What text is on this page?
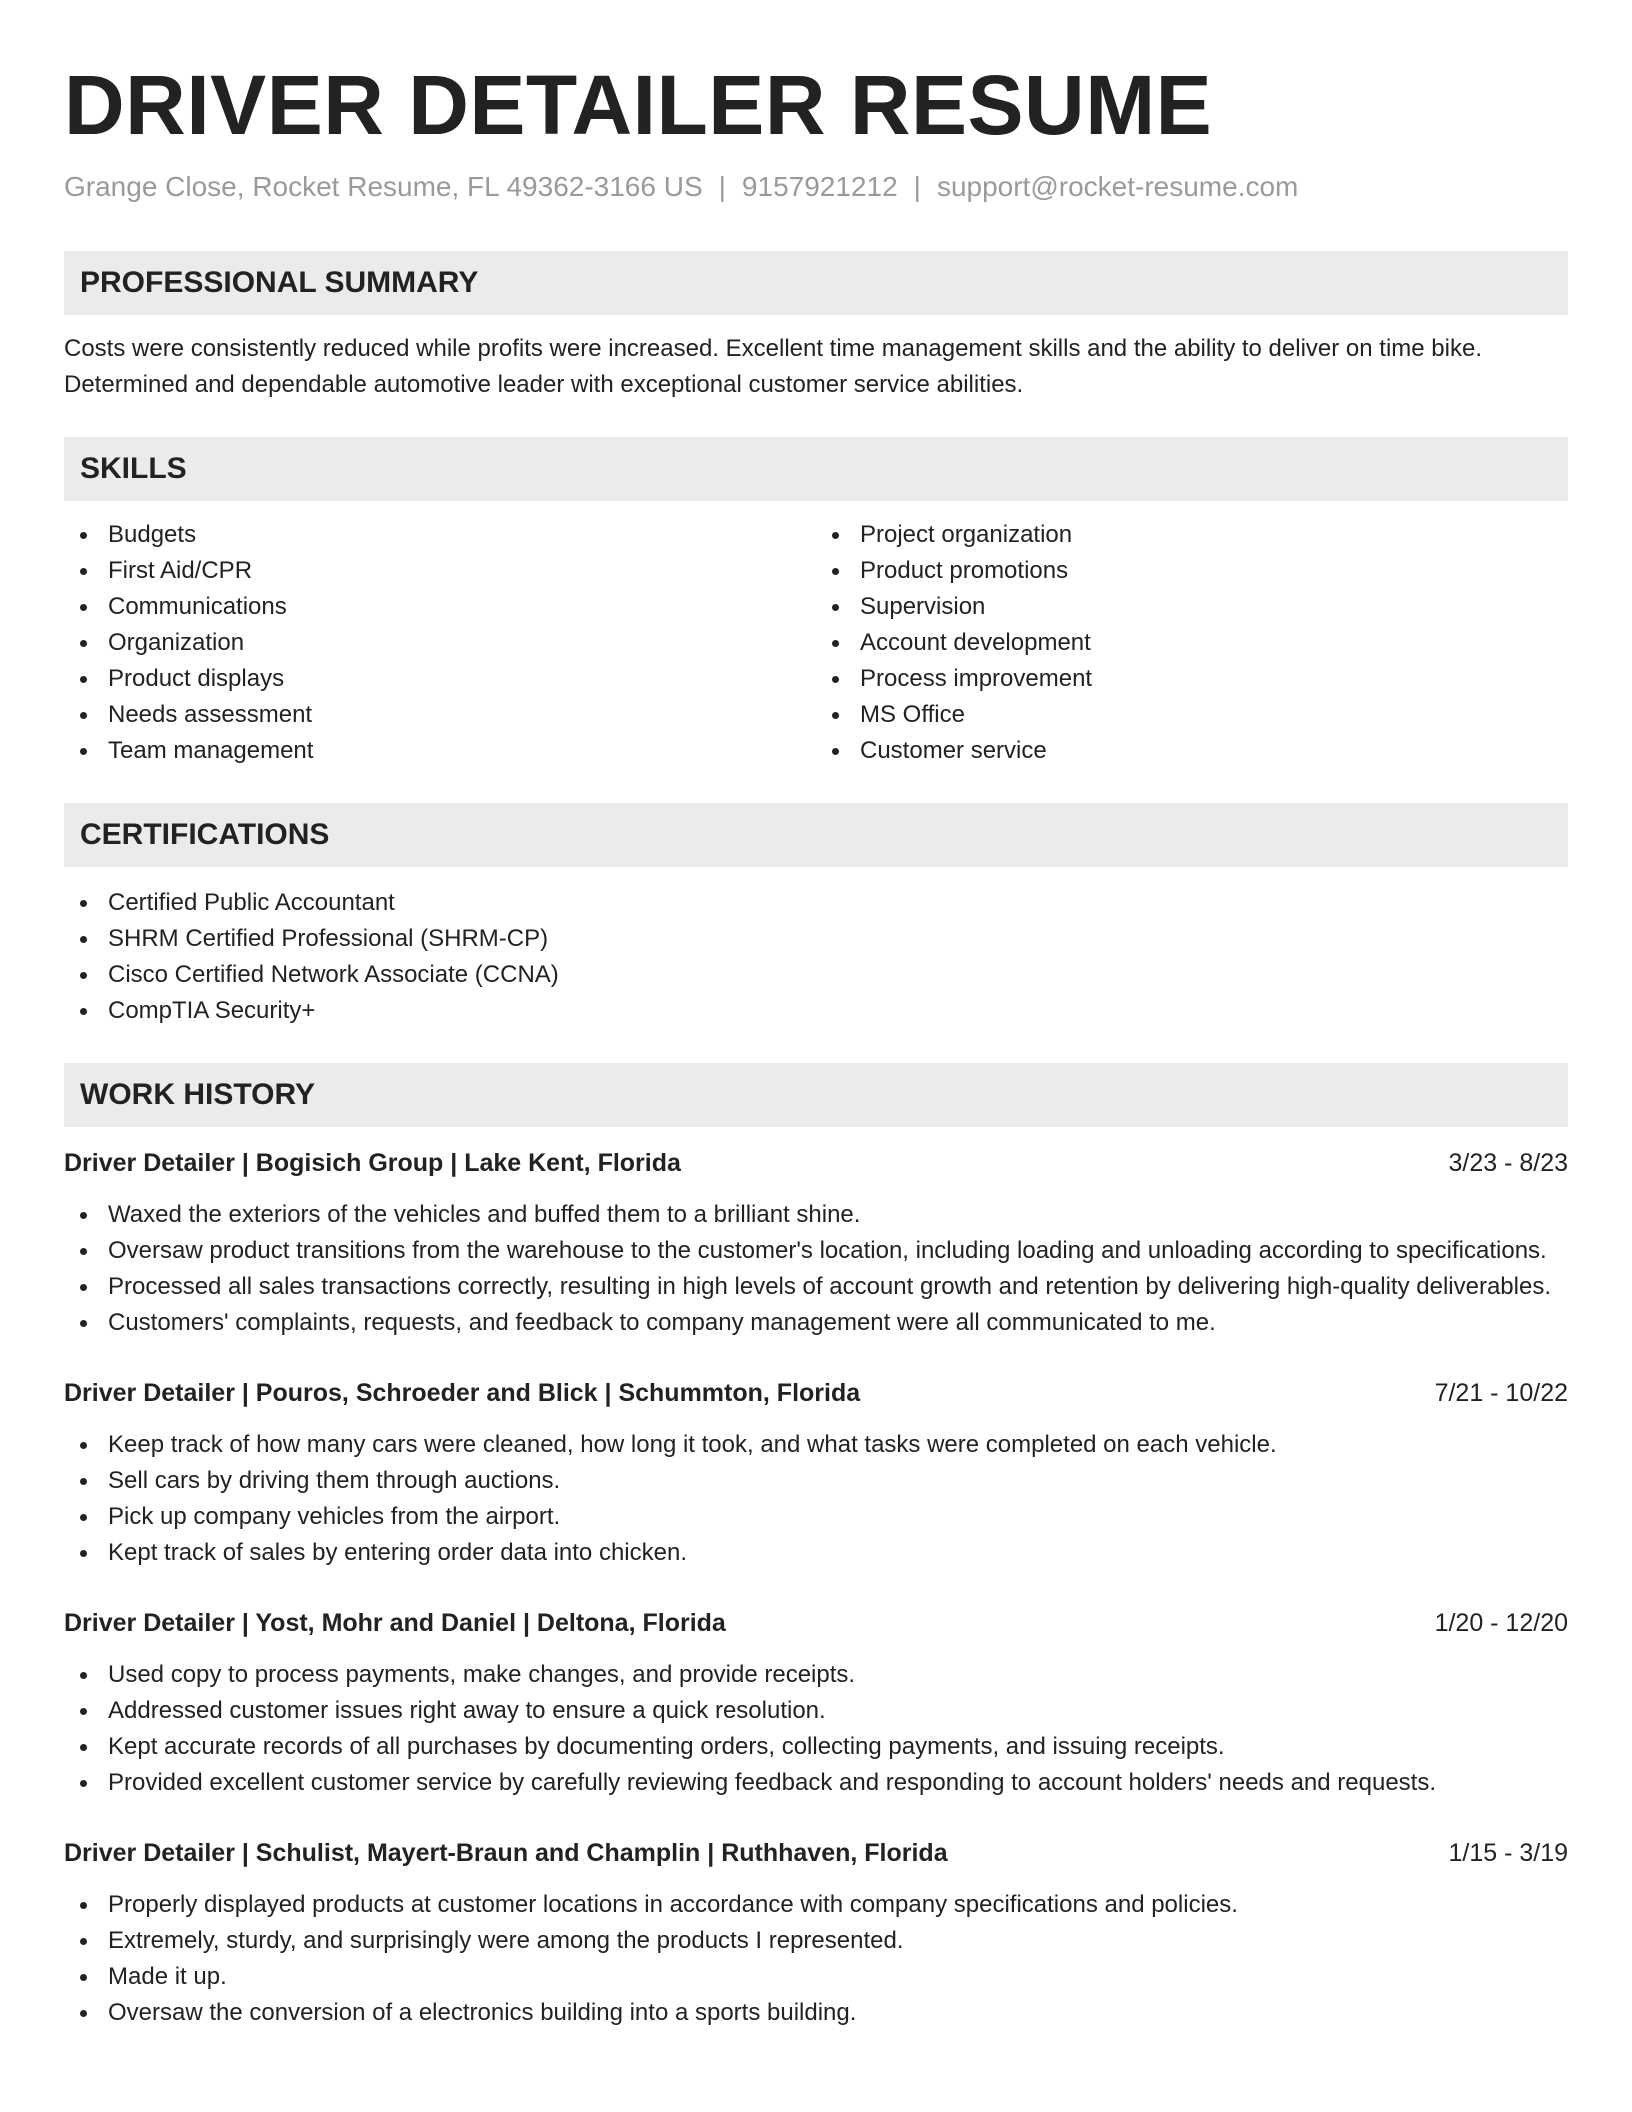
DRIVER DETAILER RESUME
Grange Close, Rocket Resume, FL 49362-3166 US | 9157921212 | support@rocket-resume.com
PROFESSIONAL SUMMARY

Costs were consistently reduced while profits were increased. Excellent time management skills and the ability to deliver on time bike. Determined and dependable automotive leader with exceptional customer service abilities.

SKILLS
Budgets
First Aid/CPR
Communications
Organization
Product displays
Needs assessment
Team management
Project organization
Product promotions
Supervision
Account development
Process improvement
MS Office
Customer service
CERTIFICATIONS
Certified Public Accountant
SHRM Certified Professional (SHRM-CP)
Cisco Certified Network Associate (CCNA)
CompTIA Security+
WORK HISTORY
Driver Detailer | Bogisich Group | Lake Kent, Florida	3/23 - 8/23
Waxed the exteriors of the vehicles and buffed them to a brilliant shine.
Oversaw product transitions from the warehouse to the customer's location, including loading and unloading according to specifications.
Processed all sales transactions correctly, resulting in high levels of account growth and retention by delivering high-quality deliverables.
Customers' complaints, requests, and feedback to company management were all communicated to me.
Driver Detailer | Pouros, Schroeder and Blick | Schummton, Florida	7/21 - 10/22
Keep track of how many cars were cleaned, how long it took, and what tasks were completed on each vehicle.
Sell cars by driving them through auctions.
Pick up company vehicles from the airport.
Kept track of sales by entering order data into chicken.
Driver Detailer | Yost, Mohr and Daniel | Deltona, Florida	1/20 - 12/20
Used copy to process payments, make changes, and provide receipts.
Addressed customer issues right away to ensure a quick resolution.
Kept accurate records of all purchases by documenting orders, collecting payments, and issuing receipts.
Provided excellent customer service by carefully reviewing feedback and responding to account holders' needs and requests.
Driver Detailer | Schulist, Mayert-Braun and Champlin | Ruthhaven, Florida	1/15 - 3/19
Properly displayed products at customer locations in accordance with company specifications and policies.
Extremely, sturdy, and surprisingly were among the products I represented.
Made it up.
Oversaw the conversion of a electronics building into a sports building.
